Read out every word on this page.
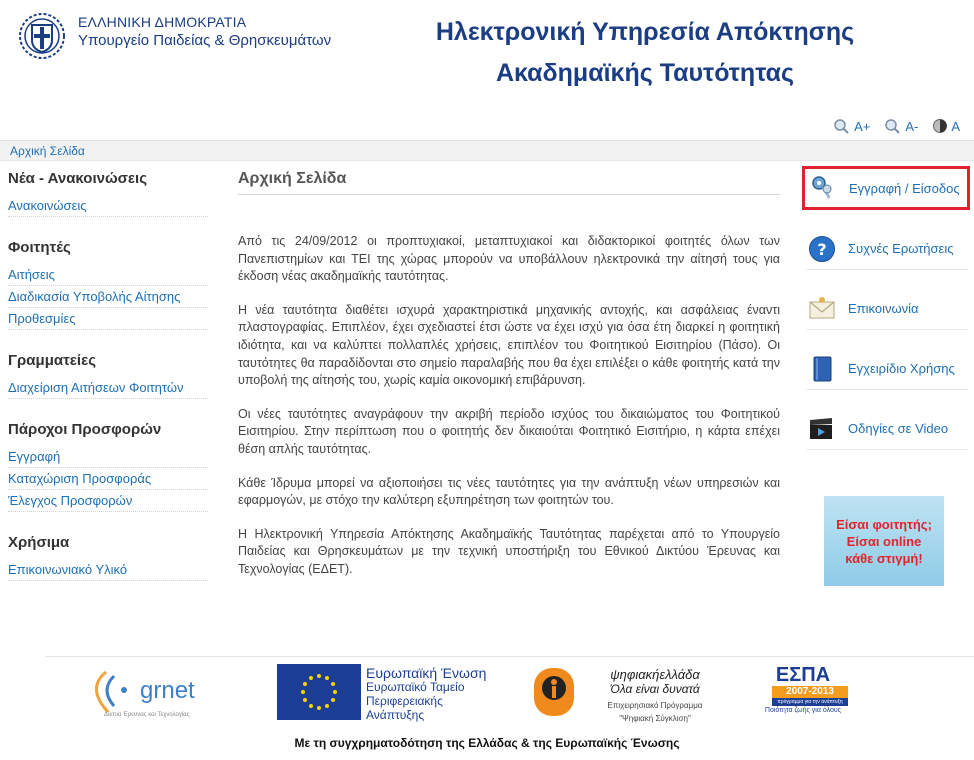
ΕΛΛΗΝΙΚΗ ΔΗΜΟΚΡΑΤΙΑ
Υπουργείο Παιδείας & Θρησκευμάτων	Ηλεκτρονική Υπηρεσία Απόκτησης
Ακαδημαϊκής Ταυτότητας
A+	A-	A
Αρχική Σελίδα
Νέα - Ανακοινώσεις
Ανακοινώσεις
Φοιτητές
Αιτήσεις
Διαδικασία Υποβολής Αίτησης
Προθεσμίες
Γραμματείες
Διαχείριση Αιτήσεων Φοιτητών
Πάροχοι Προσφορών
Εγγραφή
Καταχώριση Προσφοράς
Έλεγχος Προσφορών
Χρήσιμα
Επικοινωνιακό Υλικό
Αρχική Σελίδα

Από τις 24/09/2012 οι προπτυχιακοί, μεταπτυχιακοί και διδακτορικοί φοιτητές όλων των Πανεπιστημίων και ΤΕΙ της χώρας μπορούν να υποβάλλουν ηλεκτρονικά την αίτησή τους για έκδοση νέας ακαδημαϊκής ταυτότητας.

Η νέα ταυτότητα διαθέτει ισχυρά χαρακτηριστικά μηχανικής αντοχής, και ασφάλειας έναντι πλαστογραφίας. Επιπλέον, έχει σχεδιαστεί έτσι ώστε να έχει ισχύ για όσα έτη διαρκεί η φοιτητική ιδιότητα, και να καλύπτει πολλαπλές χρήσεις, επιπλέον του Φοιτητικού Εισιτηρίου (Πάσο). Οι ταυτότητες θα παραδίδονται στο σημείο παραλαβής που θα έχει επιλέξει ο κάθε φοιτητής κατά την υποβολή της αίτησής του, χωρίς καμία οικονομική επιβάρυνση.

Οι νέες ταυτότητες αναγράφουν την ακριβή περίοδο ισχύος του δικαιώματος του Φοιτητικού Εισιτηρίου. Στην περίπτωση που ο φοιτητής δεν δικαιούται Φοιτητικό Εισιτήριο, η κάρτα επέχει θέση απλής ταυτότητας.

Κάθε Ίδρυμα μπορεί να αξιοποιήσει τις νέες ταυτότητες για την ανάπτυξη νέων υπηρεσιών και εφαρμογών, με στόχο την καλύτερη εξυπηρέτηση των φοιτητών του.

Η Ηλεκτρονική Υπηρεσία Απόκτησης Ακαδημαϊκής Ταυτότητας παρέχεται από το Υπουργείο Παιδείας και Θρησκευμάτων με την τεχνική υποστήριξη του Εθνικού Δικτύου Έρευνας και Τεχνολογίας (ΕΔΕΤ).

Εγγραφή / Είσοδος
? Συχνές Ερωτήσεις
Επικοινωνία
Εγχειρίδιο Χρήσης
Οδηγίες σε Video
Είσαι φοιτητής;
Είσαι online
κάθε στιγμή!
grnet
Δίκτυα Έρευνας και Τεχνολογίας
Ευρωπαϊκή Ένωση
Ευρωπαϊκό Ταμείο
Περιφερειακής
Ανάπτυξης
ψηφιακήελλάδα
Όλα είναι δυνατά
Επιχειρησιακό Πρόγραμμα
"Ψηφιακή Σύγκλιση"
ΕΣΠΑ
2007-2013
πρόγραμμα για την ανάπτυξη
Ποιότητα ζωής για όλους
Με τη συγχρηματοδότηση της Ελλάδας & της Ευρωπαϊκής Ένωσης
